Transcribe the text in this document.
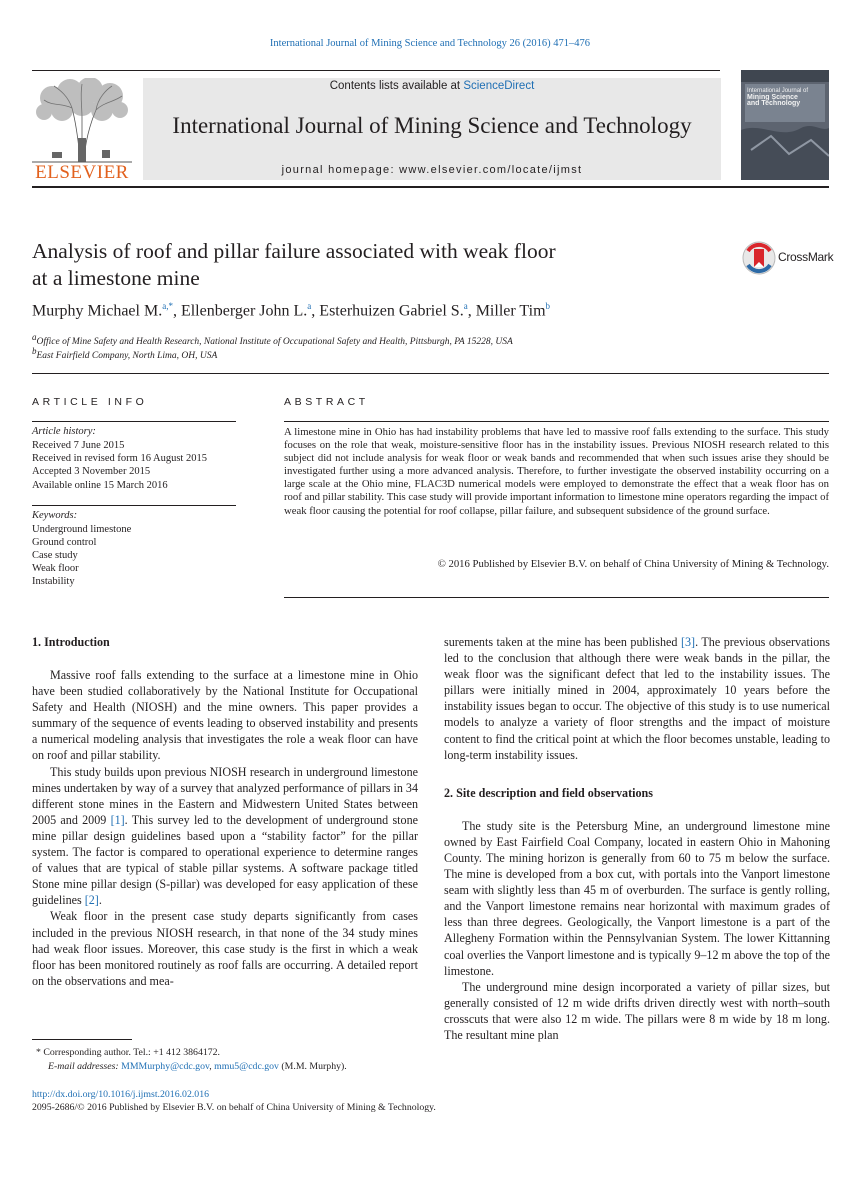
International Journal of Mining Science and Technology 26 (2016) 471–476
ELSEVIER
Contents lists available at ScienceDirect
International Journal of Mining Science and Technology
journal homepage: www.elsevier.com/locate/ijmst
International Journal of
Mining Science
and Technology
Analysis of roof and pillar failure associated with weak floor
at a limestone mine
CrossMark
Murphy Michael M.$^{a,*}$, Ellenberger John L.$^a$, Esterhuizen Gabriel S.$^a$, Miller Tim$^b$
$^a$Office of Mine Safety and Health Research, National Institute of Occupational Safety and Health, Pittsburgh, PA 15228, USA
$^b$East Fairfield Company, North Lima, OH, USA
ARTICLE INFO
Article history:
Received 7 June 2015
Received in revised form 16 August 2015
Accepted 3 November 2015
Available online 15 March 2016
Keywords:
Underground limestone
Ground control
Case study
Weak floor
Instability
ABSTRACT
A limestone mine in Ohio has had instability problems that have led to massive roof falls extending to the surface. This study focuses on the role that weak, moisture-sensitive floor has in the instability issues. Previous NIOSH research related to this subject did not include analysis for weak floor or weak bands and recommended that when such issues arise they should be investigated further using a more advanced analysis. Therefore, to further investigate the observed instability occurring on a large scale at the Ohio mine, FLAC3D numerical models were employed to demonstrate the effect that a weak floor has on roof and pillar stability. This case study will provide important information to limestone mine operators regarding the impact of weak floor causing the potential for roof collapse, pillar failure, and subsequent subsidence of the ground surface.
© 2016 Published by Elsevier B.V. on behalf of China University of Mining & Technology.
1. Introduction

Massive roof falls extending to the surface at a limestone mine in Ohio have been studied collaboratively by the National Institute for Occupational Safety and Health (NIOSH) and the mine owners. This paper provides a summary of the sequence of events leading to observed instability and presents a numerical modeling analysis that investigates the role a weak floor can have on roof and pillar stability.

This study builds upon previous NIOSH research in underground limestone mines undertaken by way of a survey that analyzed performance of pillars in 34 different stone mines in the Eastern and Midwestern United States between 2005 and 2009 [1]. This survey led to the development of underground stone mine pillar design guidelines based upon a “stability factor” for the pillar system. The factor is compared to operational experience to determine ranges of values that are typical of stable pillar systems. A software package titled Stone mine pillar design (S-pillar) was developed for easy application of these guidelines [2].

Weak floor in the present case study departs significantly from cases included in the previous NIOSH research, in that none of the 34 study mines had weak floor issues. Moreover, this case study is the first in which a weak floor has been monitored routinely as roof falls are occurring. A detailed report on the observations and mea-

surements taken at the mine has been published [3]. The previous observations led to the conclusion that although there were weak bands in the pillar, the weak floor was the significant defect that led to the instability issues. The pillars were initially mined in 2004, approximately 10 years before the instability issues began to occur. The objective of this study is to use numerical models to analyze a variety of floor strengths and the impact of moisture content to find the critical point at which the floor becomes unstable, leading to long-term instability issues.

2. Site description and field observations

The study site is the Petersburg Mine, an underground limestone mine owned by East Fairfield Coal Company, located in eastern Ohio in Mahoning County. The mining horizon is generally from 60 to 75 m below the surface. The mine is developed from a box cut, with portals into the Vanport limestone seam with slightly less than 45 m of overburden. The surface is gently rolling, and the Vanport limestone remains near horizontal with maximum grades of less than three degrees. Geologically, the Vanport limestone is a part of the Allegheny Formation within the Pennsylvanian System. The lower Kittanning coal overlies the Vanport limestone and is typically 9–12 m above the top of the limestone.

The underground mine design incorporated a variety of pillar sizes, but generally consisted of 12 m wide drifts driven directly west with north–south crosscuts that were also 12 m wide. The pillars were 8 m wide by 18 m long. The resultant mine plan

* Corresponding author. Tel.: +1 412 3864172.
E-mail addresses: MMMurphy@cdc.gov, mmu5@cdc.gov (M.M. Murphy).
http://dx.doi.org/10.1016/j.ijmst.2016.02.016
2095-2686/© 2016 Published by Elsevier B.V. on behalf of China University of Mining & Technology.
